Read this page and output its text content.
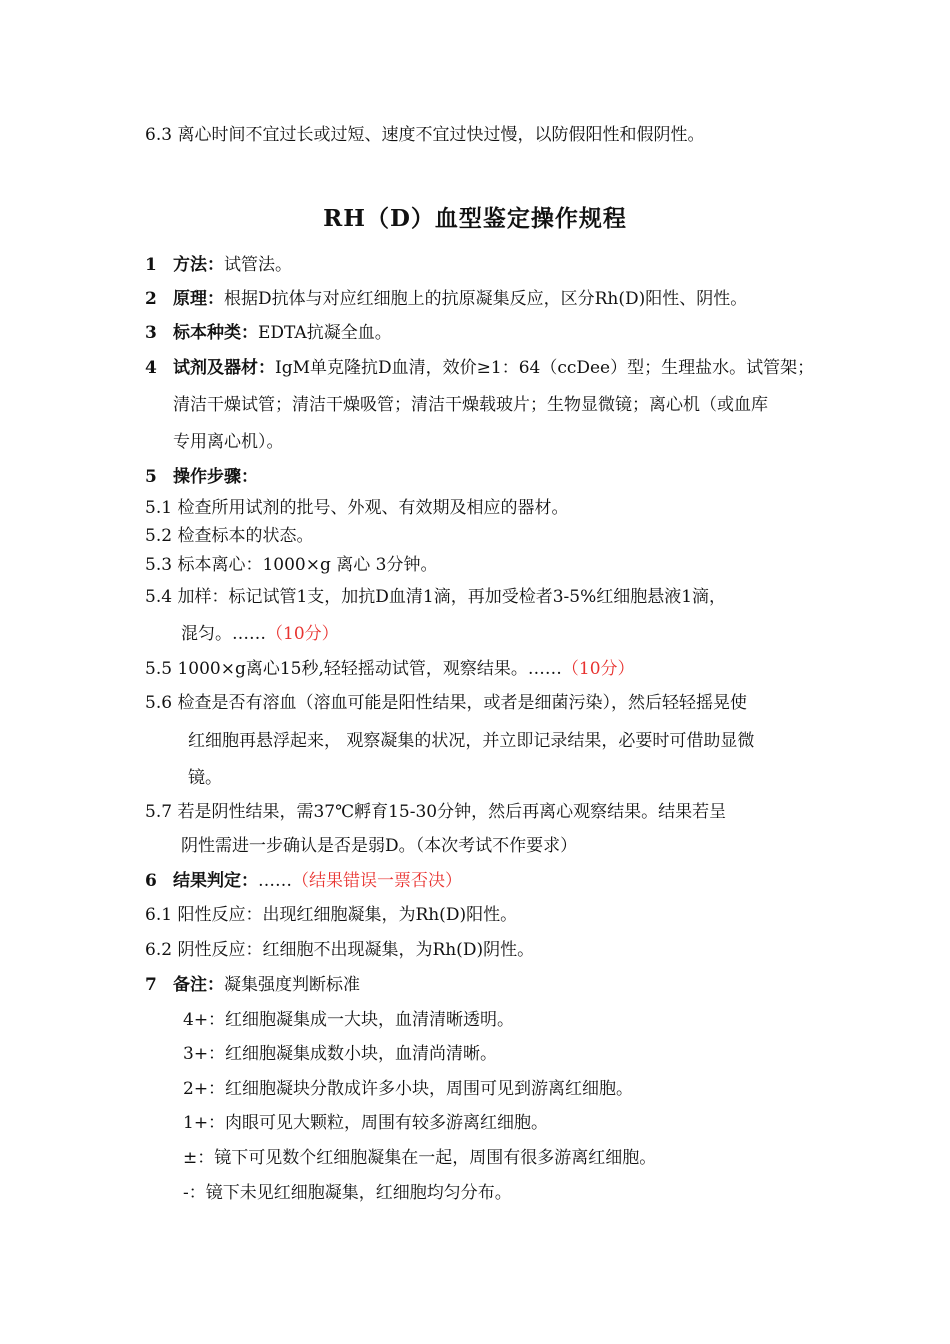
6.3 离心时间不宜过长或过短、速度不宜过快过慢，以防假阳性和假阴性。
RH（D）血型鉴定操作规程
1 方法：试管法。
2 原理：根据D抗体与对应红细胞上的抗原凝集反应，区分Rh(D)阳性、阴性。
3 标本种类：EDTA抗凝全血。
4 试剂及器材：IgM单克隆抗D血清，效价≥1：64（ccDee）型；生理盐水。试管架；
清洁干燥试管；清洁干燥吸管；清洁干燥载玻片；生物显微镜；离心机（或血库
专用离心机）。
5 操作步骤：
5.1 检查所用试剂的批号、外观、有效期及相应的器材。
5.2 检查标本的状态。
5.3 标本离心：1000×g 离心 3分钟。
5.4 加样：标记试管1支，加抗D血清1滴，再加受检者3-5%红细胞悬液1滴，
混匀。……（10分）
5.5 1000×g离心15秒,轻轻摇动试管，观察结果。……（10分）
5.6 检查是否有溶血（溶血可能是阳性结果，或者是细菌污染），然后轻轻摇晃使
红细胞再悬浮起来， 观察凝集的状况，并立即记录结果，必要时可借助显微
镜。
5.7 若是阴性结果，需37℃孵育15-30分钟，然后再离心观察结果。结果若呈
阴性需进一步确认是否是弱D。（本次考试不作要求）
6 结果判定：……（结果错误一票否决）
6.1 阳性反应：出现红细胞凝集，为Rh(D)阳性。
6.2 阴性反应：红细胞不出现凝集，为Rh(D)阴性。
7 备注：凝集强度判断标准
4+：红细胞凝集成一大块，血清清晰透明。
3+：红细胞凝集成数小块，血清尚清晰。
2+：红细胞凝块分散成许多小块，周围可见到游离红细胞。
1+：肉眼可见大颗粒，周围有较多游离红细胞。
±：镜下可见数个红细胞凝集在一起，周围有很多游离红细胞。
-：镜下未见红细胞凝集，红细胞均匀分布。
